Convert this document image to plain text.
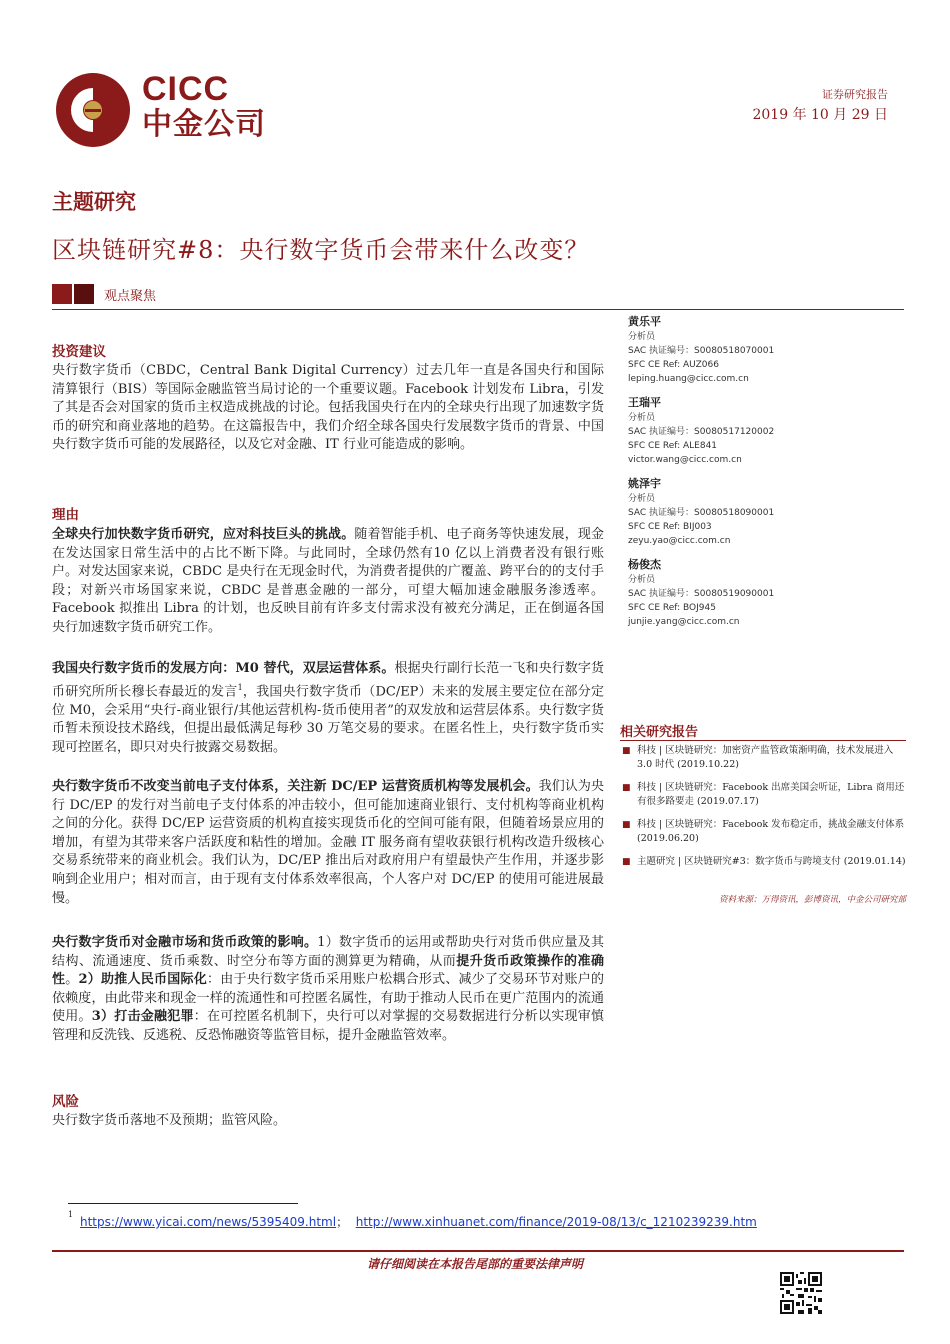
CICC
中金公司
证券研究报告
2019 年 10 月 29 日
主题研究
区块链研究#8：央行数字货币会带来什么改变？
观点聚焦
投资建议
央行数字货币（CBDC，Central Bank Digital Currency）过去几年一直是各国央行和国际清算银行（BIS）等国际金融监管当局讨论的一个重要议题。Facebook 计划发布 Libra，引发了其是否会对国家的货币主权造成挑战的讨论。包括我国央行在内的全球央行出现了加速数字货币的研究和商业落地的趋势。在这篇报告中，我们介绍全球各国央行发展数字货币的背景、中国央行数字货币可能的发展路径，以及它对金融、IT 行业可能造成的影响。
理由
全球央行加快数字货币研究，应对科技巨头的挑战。随着智能手机、电子商务等快速发展，现金在发达国家日常生活中的占比不断下降。与此同时，全球仍然有10 亿以上消费者没有银行账户。对发达国家来说，CBDC 是央行在无现金时代，为消费者提供的广覆盖、跨平台的的支付手段；对新兴市场国家来说，CBDC 是普惠金融的一部分，可望大幅加速金融服务渗透率。Facebook 拟推出 Libra 的计划，也反映目前有许多支付需求没有被充分满足，正在倒逼各国央行加速数字货币研究工作。
我国央行数字货币的发展方向：M0 替代，双层运营体系。根据央行副行长范一飞和央行数字货币研究所所长穆长春最近的发言$^1$，我国央行数字货币（DC/EP）未来的发展主要定位在部分定位 M0，会采用“央行-商业银行/其他运营机构-货币使用者”的双发放和运营层体系。央行数字货币暂未预设技术路线，但提出最低满足每秒 30 万笔交易的要求。在匿名性上，央行数字货币实现可控匿名，即只对央行披露交易数据。
央行数字货币不改变当前电子支付体系，关注新 DC/EP 运营资质机构等发展机会。我们认为央行 DC/EP 的发行对当前电子支付体系的冲击较小，但可能加速商业银行、支付机构等商业机构之间的分化。获得 DC/EP 运营资质的机构直接实现货币化的空间可能有限，但随着场景应用的增加，有望为其带来客户活跃度和粘性的增加。金融 IT 服务商有望收获银行机构改造升级核心交易系统带来的商业机会。我们认为，DC/EP 推出后对政府用户有望最快产生作用，并逐步影响到企业用户；相对而言，由于现有支付体系效率很高，个人客户对 DC/EP 的使用可能进展最慢。
央行数字货币对金融市场和货币政策的影响。1）数字货币的运用或帮助央行对货币供应量及其结构、流通速度、货币乘数、时空分布等方面的测算更为精确，从而提升货币政策操作的准确性。2）助推人民币国际化：由于央行数字货币采用账户松耦合形式、减少了交易环节对账户的依赖度，由此带来和现金一样的流通性和可控匿名属性，有助于推动人民币在更广范围内的流通使用。3）打击金融犯罪：在可控匿名机制下，央行可以对掌握的交易数据进行分析以实现审慎管理和反洗钱、反逃税、反恐怖融资等监管目标，提升金融监管效率。
风险
央行数字货币落地不及预期；监管风险。
黄乐平
分析员
SAC 执证编号：S0080518070001
SFC CE Ref: AUZ066
leping.huang@cicc.com.cn
王瑞平
分析员
SAC 执证编号：S0080517120002
SFC CE Ref: ALE841
victor.wang@cicc.com.cn
姚泽宇
分析员
SAC 执证编号：S0080518090001
SFC CE Ref: BIJ003
zeyu.yao@cicc.com.cn
杨俊杰
分析员
SAC 执证编号：S0080519090001
SFC CE Ref: BOJ945
junjie.yang@cicc.com.cn
相关研究报告
■ 科技 | 区块链研究：加密资产监管政策渐明确，技术发展进入 3.0 时代 (2019.10.22)
■ 科技 | 区块链研究：Facebook 出席美国会听证，Libra 商用还有很多路要走 (2019.07.17)
■ 科技 | 区块链研究：Facebook 发布稳定币，挑战金融支付体系 (2019.06.20)
■ 主题研究 | 区块链研究#3：数字货币与跨境支付 (2019.01.14)
资料来源：万得资讯，彭博资讯，中金公司研究部
1
https://www.yicai.com/news/5395409.html； http://www.xinhuanet.com/finance/2019-08/13/c_1210239239.htm
请仔细阅读在本报告尾部的重要法律声明
